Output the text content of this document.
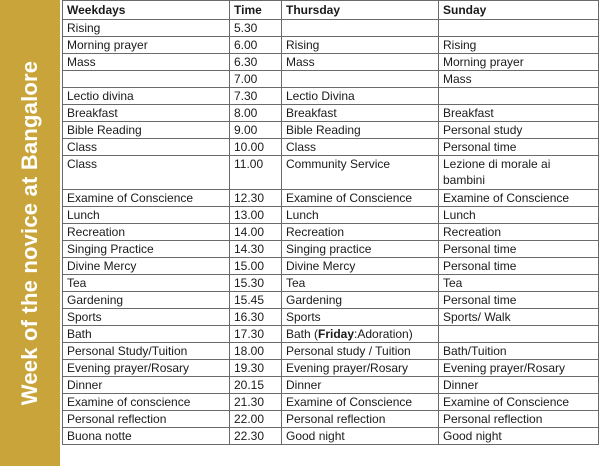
Week of the novice at Bangalore
Weekdays	Time	Thursday	Sunday
Rising	5.30		
Morning prayer	6.00	Rising	Rising
Mass	6.30	Mass	Morning prayer
	7.00		Mass
Lectio divina	7.30	Lectio Divina	
Breakfast	8.00	Breakfast	Breakfast
Bible Reading	9.00	Bible Reading	Personal study
Class	10.00	Class	Personal time
Class	11.00	Community Service	Lezione di morale ai bambini
Examine of Conscience	12.30	Examine of Conscience	Examine of Conscience
Lunch	13.00	Lunch	Lunch
Recreation	14.00	Recreation	Recreation
Singing Practice	14.30	Singing practice	Personal time
Divine Mercy	15.00	Divine Mercy	Personal time
Tea	15.30	Tea	Tea
Gardening	15.45	Gardening	Personal time
Sports	16.30	Sports	Sports/ Walk
Bath	17.30	Bath (Friday:Adoration)	
Personal Study/Tuition	18.00	Personal study / Tuition	Bath/Tuition
Evening prayer/Rosary	19.30	Evening prayer/Rosary	Evening prayer/Rosary
Dinner	20.15	Dinner	Dinner
Examine of conscience	21.30	Examine of Conscience	Examine of Conscience
Personal reflection	22.00	Personal reflection	Personal reflection
Buona notte	22.30	Good night	Good night
